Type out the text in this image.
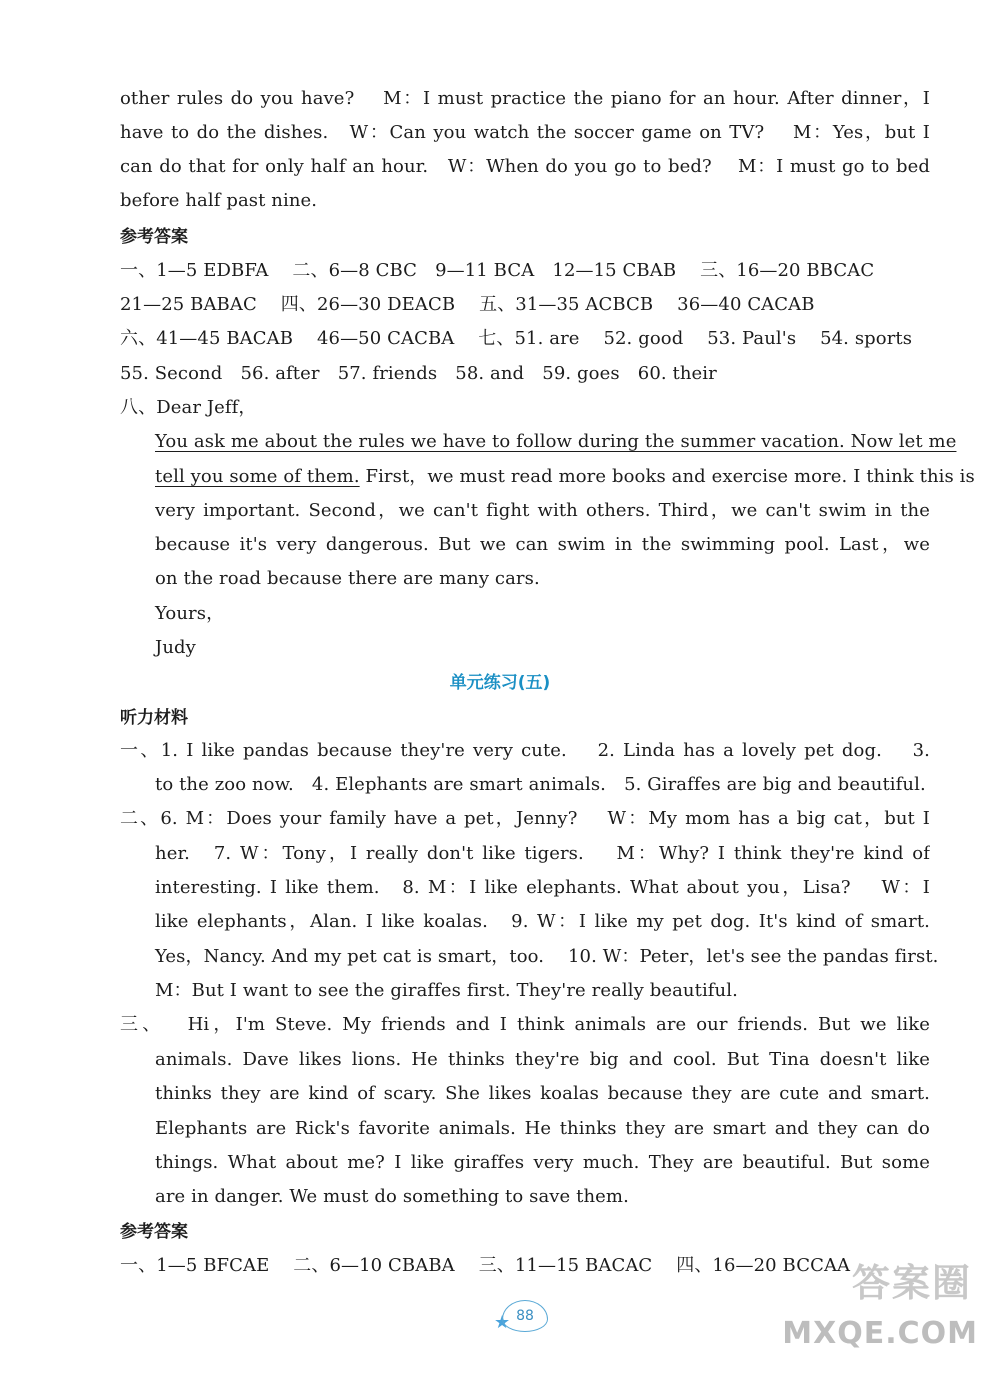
other rules do you have?　 M：I must practice the piano for an hour. After dinner，I
have to do the dishes.　W：Can you watch the soccer game on TV?　 M：Yes，but I
can do that for only half an hour.　W：When do you go to bed?　 M：I must go to bed
before half past nine.
参考答案
一、1—5 EDBFA　 二、6—8 CBC　9—11 BCA　12—15 CBAB　 三、16—20 BBCAC
21—25 BABAC　 四、26—30 DEACB　 五、31—35 ACBCB　 36—40 CACAB
六、41—45 BACAB　 46—50 CACBA　 七、51. are　 52. good　 53. Paul's　 54. sports
55. Second　56. after　57. friends　58. and　59. goes　60. their
八、Dear Jeff，
You ask me about the rules we have to follow during the summer vacation. Now let me
tell you some of them. First，we must read more books and exercise more. I think this is
very important. Second，we can't fight with others. Third，we can't swim in the
because it's very dangerous. But we can swim in the swimming pool. Last，we
on the road because there are many cars.
Yours，
Judy
单元练习(五)
听力材料
一、1. I like pandas because they're very cute.　 2. Linda has a lovely pet dog.　 3.
to the zoo now.　4. Elephants are smart animals.　5. Giraffes are big and beautiful.
二、6. M：Does your family have a pet，Jenny?　 W：My mom has a big cat，but I
her.　7. W：Tony，I really don't like tigers.　 M：Why? I think they're kind of
interesting. I like them.　8. M：I like elephants. What about you，Lisa?　 W：I
like elephants，Alan. I like koalas.　9. W：I like my pet dog. It's kind of smart.　
Yes，Nancy. And my pet cat is smart，too.　 10. W：Peter，let's see the pandas first.
M：But I want to see the giraffes first. They're really beautiful.
三、　 Hi，I'm Steve. My friends and I think animals are our friends. But we like
animals. Dave likes lions. He thinks they're big and cool. But Tina doesn't like
thinks they are kind of scary. She likes koalas because they are cute and smart.
Elephants are Rick's favorite animals. He thinks they are smart and they can do
things. What about me? I like giraffes very much. They are beautiful. But some
are in danger. We must do something to save them.
参考答案
一、1—5 BFCAE　 二、6—10 CBABA　 三、11—15 BACAC　 四、16—20 BCCAA
★ 88
答案圈
MXQE.COM
